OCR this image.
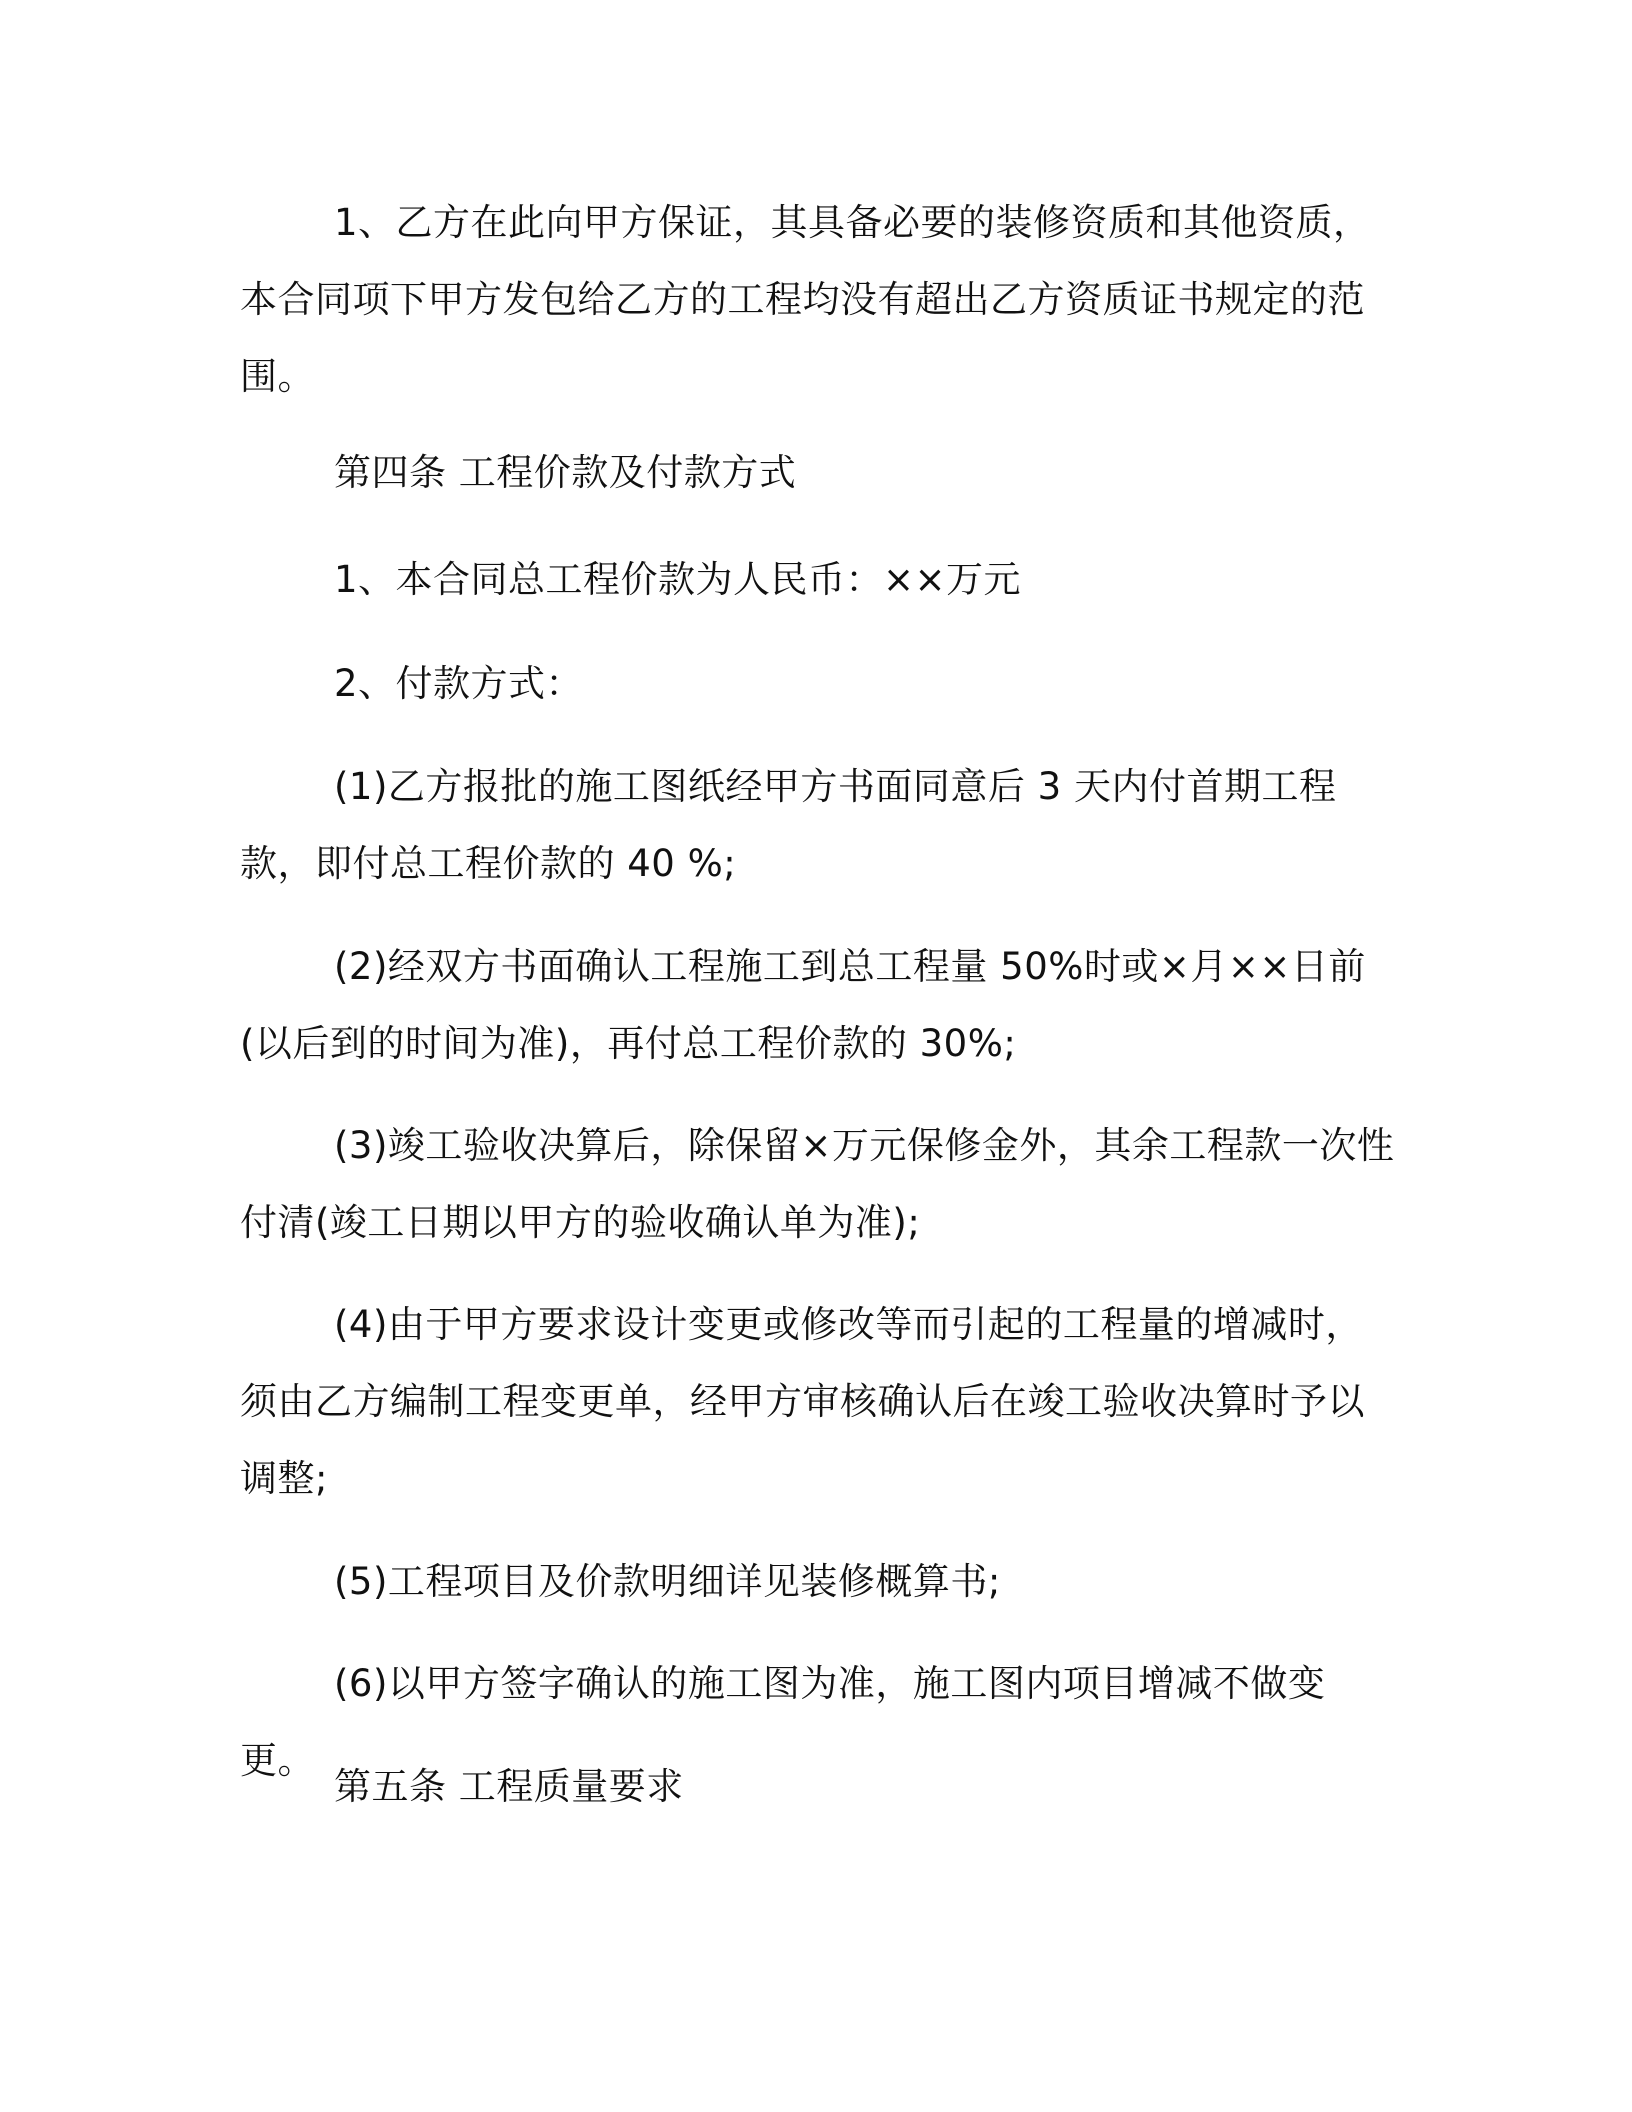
1、乙方在此向甲方保证，其具备必要的装修资质和其他资质，本合同项下甲方发包给乙方的工程均没有超出乙方资质证书规定的范围。

第四条 工程价款及付款方式

1、本合同总工程价款为人民币：××万元

2、付款方式：

(1)乙方报批的施工图纸经甲方书面同意后 3 天内付首期工程款，即付总工程价款的 40 %;

(2)经双方书面确认工程施工到总工程量 50%时或×月××日前(以后到的时间为准)，再付总工程价款的 30%;

(3)竣工验收决算后，除保留×万元保修金外，其余工程款一次性付清(竣工日期以甲方的验收确认单为准);

(4)由于甲方要求设计变更或修改等而引起的工程量的增减时，须由乙方编制工程变更单，经甲方审核确认后在竣工验收决算时予以调整;

(5)工程项目及价款明细详见装修概算书;

(6)以甲方签字确认的施工图为准，施工图内项目增减不做变更。

第五条 工程质量要求
